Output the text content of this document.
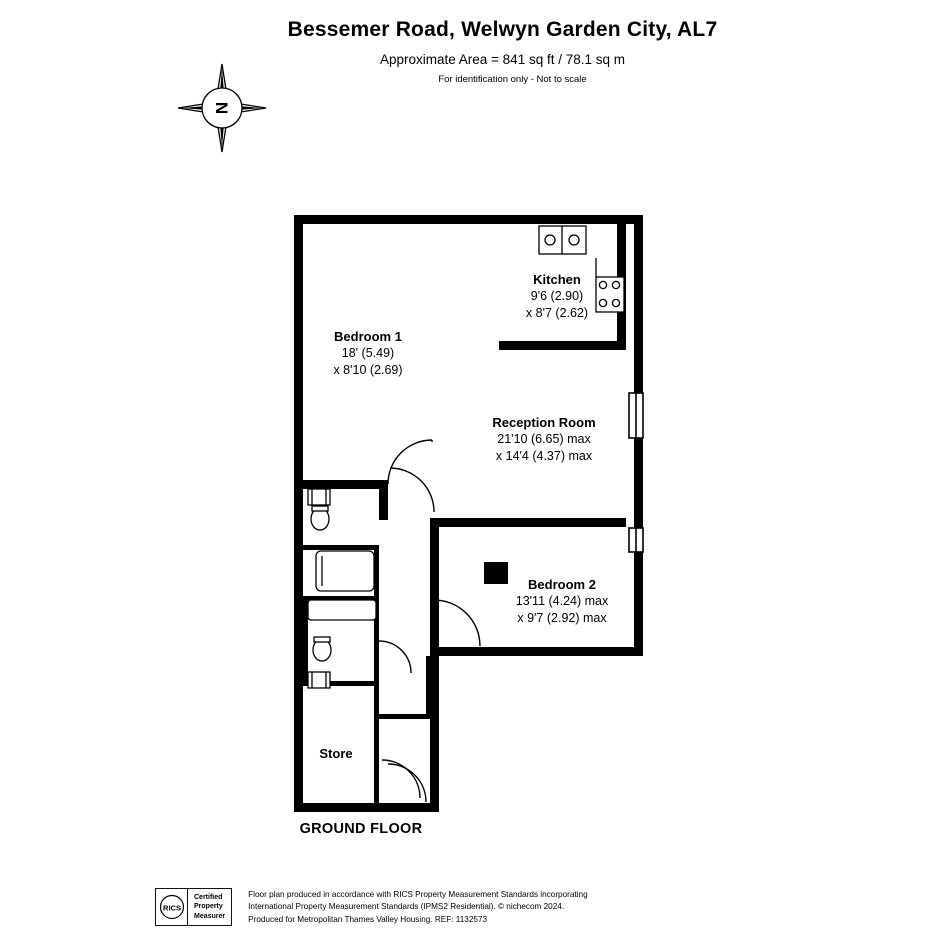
Bessemer Road, Welwyn Garden City, AL7
Approximate Area = 841 sq ft / 78.1 sq m
For identification only - Not to scale
N
Bedroom 1
18' (5.49)
x 8'10 (2.69)
Kitchen
9'6 (2.90)
x 8'7 (2.62)
Reception Room
21'10 (6.65) max
x 14'4 (4.37) max
Bedroom 2
13'11 (4.24) max
x 9'7 (2.92) max
Store
GROUND FLOOR
RICS
Certified
Property
Measurer
Floor plan produced in accordance with RICS Property Measurement Standards incorporating
International Property Measurement Standards (IPMS2 Residential). © nichecom 2024.
Produced for Metropolitan Thames Valley Housing. REF: 1132573
